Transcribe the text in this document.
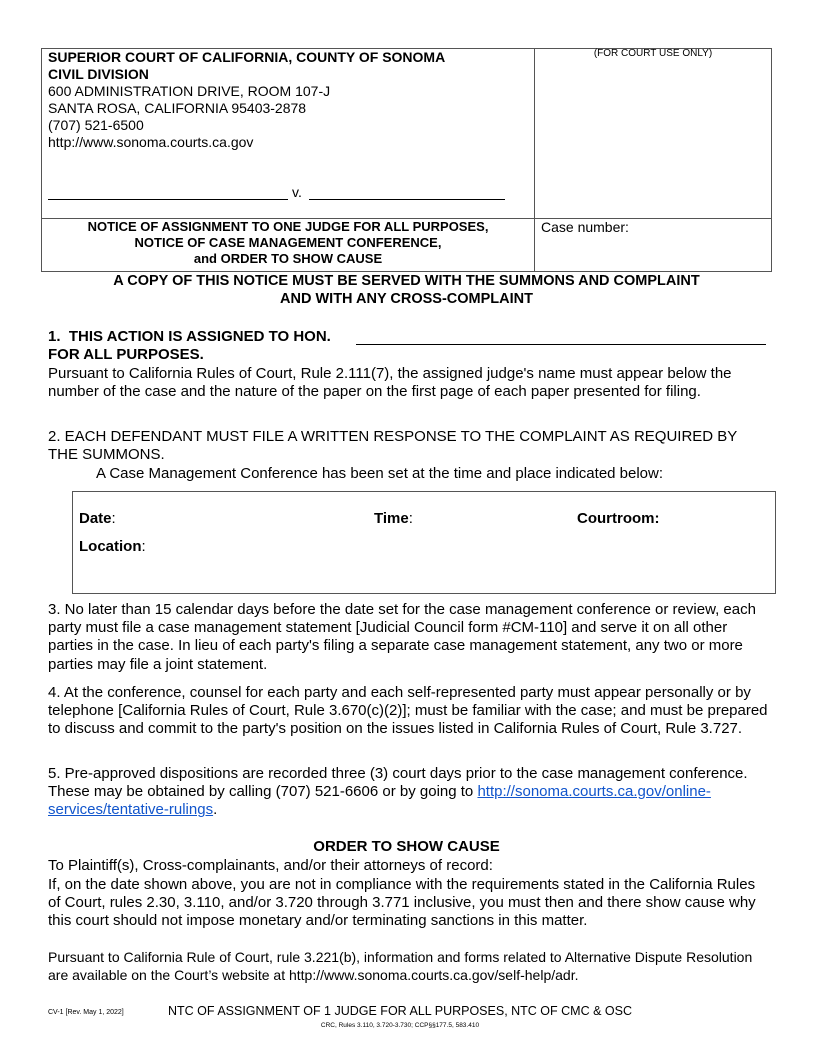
SUPERIOR COURT OF CALIFORNIA, COUNTY OF SONOMA
CIVIL DIVISION
600 ADMINISTRATION DRIVE, ROOM 107-J
SANTA ROSA, CALIFORNIA 95403-2878
(707) 521-6500
http://www.sonoma.courts.ca.gov
(FOR COURT USE ONLY)
v.
NOTICE OF ASSIGNMENT TO ONE JUDGE FOR ALL PURPOSES,
NOTICE OF CASE MANAGEMENT CONFERENCE,
and ORDER TO SHOW CAUSE
Case number:
A COPY OF THIS NOTICE MUST BE SERVED WITH THE SUMMONS AND COMPLAINT
AND WITH ANY CROSS-COMPLAINT
1. THIS ACTION IS ASSIGNED TO HON.
FOR ALL PURPOSES.
Pursuant to California Rules of Court, Rule 2.111(7), the assigned judge's name must appear below the number of the case and the nature of the paper on the first page of each paper presented for filing.
2. EACH DEFENDANT MUST FILE A WRITTEN RESPONSE TO THE COMPLAINT AS REQUIRED BY THE SUMMONS.
A Case Management Conference has been set at the time and place indicated below:
Date:	Time:	Courtroom:
Location:
3. No later than 15 calendar days before the date set for the case management conference or review, each party must file a case management statement [Judicial Council form #CM-110] and serve it on all other parties in the case. In lieu of each party's filing a separate case management statement, any two or more parties may file a joint statement.
4. At the conference, counsel for each party and each self-represented party must appear personally or by telephone [California Rules of Court, Rule 3.670(c)(2)]; must be familiar with the case; and must be prepared to discuss and commit to the party's position on the issues listed in California Rules of Court, Rule 3.727.
5. Pre-approved dispositions are recorded three (3) court days prior to the case management conference. These may be obtained by calling (707) 521-6606 or by going to http://sonoma.courts.ca.gov/online-services/tentative-rulings.
ORDER TO SHOW CAUSE
To Plaintiff(s), Cross-complainants, and/or their attorneys of record:
If, on the date shown above, you are not in compliance with the requirements stated in the California Rules of Court, rules 2.30, 3.110, and/or 3.720 through 3.771 inclusive, you must then and there show cause why this court should not impose monetary and/or terminating sanctions in this matter.
Pursuant to California Rule of Court, rule 3.221(b), information and forms related to Alternative Dispute Resolution are available on the Court’s website at http://www.sonoma.courts.ca.gov/self-help/adr.
CV-1 [Rev. May 1, 2022]	NTC OF ASSIGNMENT OF 1 JUDGE FOR ALL PURPOSES, NTC OF CMC & OSC
CRC, Rules 3.110, 3.720-3.730; CCP§§177.5, 583.410
